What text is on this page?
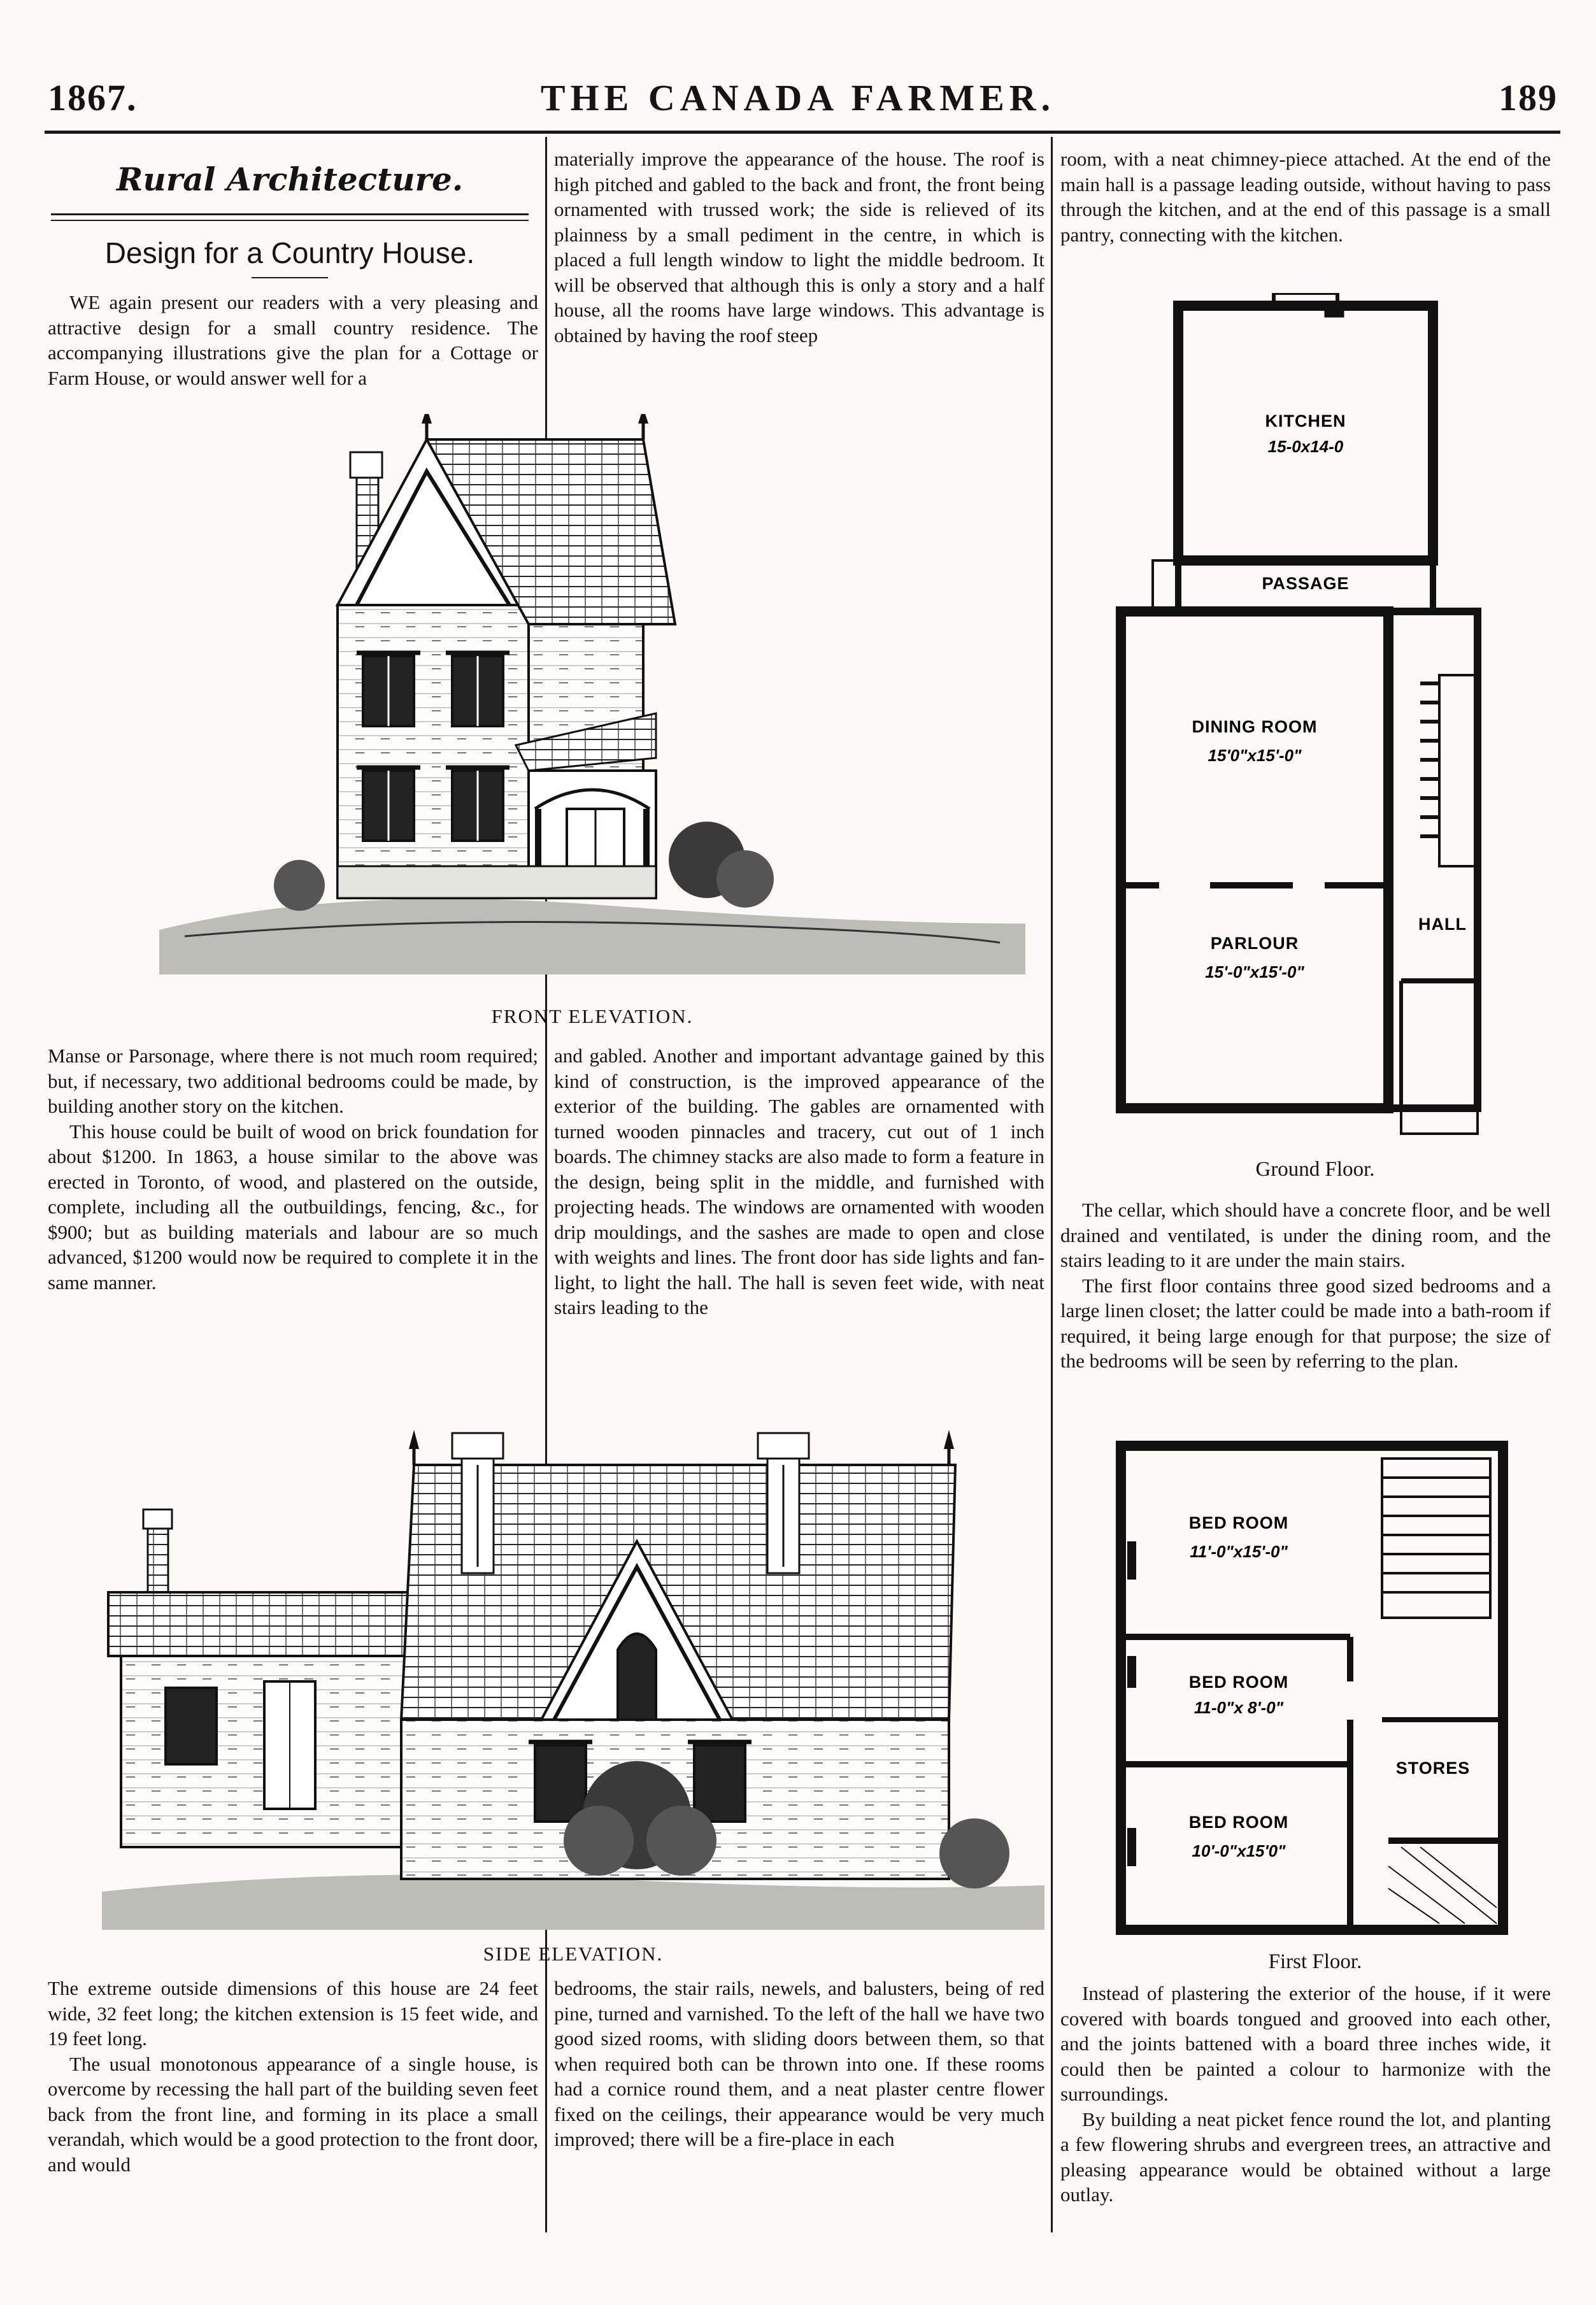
1867.	THE CANADA FARMER.	189
Rural Architecture.
Design for a Country House.

WE again present our readers with a very pleasing and attractive design for a small country residence. The accompanying illustrations give the plan for a Cottage or Farm House, or would answer well for a

materially improve the appearance of the house. The roof is high pitched and gabled to the back and front, the front being ornamented with trussed work; the side is relieved of its plainness by a small pediment in the centre, in which is placed a full length window to light the middle bedroom. It will be observed that although this is only a story and a half house, all the rooms have large windows. This advantage is obtained by having the roof steep

room, with a neat chimney-piece attached. At the end of the main hall is a passage leading outside, without having to pass through the kitchen, and at the end of this passage is a small pantry, connecting with the kitchen.

FRONT ELEVATION.

Manse or Parsonage, where there is not much room required; but, if necessary, two additional bedrooms could be made, by building another story on the kitchen.

This house could be built of wood on brick foundation for about $1200. In 1863, a house similar to the above was erected in Toronto, of wood, and plastered on the outside, complete, including all the outbuildings, fencing, &c., for $900; but as building materials and labour are so much advanced, $1200 would now be required to complete it in the same manner.

and gabled. Another and important advantage gained by this kind of construction, is the improved appearance of the exterior of the building. The gables are ornamented with turned wooden pinnacles and tracery, cut out of 1 inch boards. The chimney stacks are also made to form a feature in the design, being split in the middle, and furnished with projecting heads. The windows are ornamented with wooden drip mouldings, and the sashes are made to open and close with weights and lines. The front door has side lights and fan-light, to light the hall. The hall is seven feet wide, with neat stairs leading to the

SIDE ELEVATION.

The extreme outside dimensions of this house are 24 feet wide, 32 feet long; the kitchen extension is 15 feet wide, and 19 feet long.

The usual monotonous appearance of a single house, is overcome by recessing the hall part of the building seven feet back from the front line, and forming in its place a small verandah, which would be a good protection to the front door, and would

bedrooms, the stair rails, newels, and balusters, being of red pine, turned and varnished. To the left of the hall we have two good sized rooms, with sliding doors between them, so that when required both can be thrown into one. If these rooms had a cornice round them, and a neat plaster centre flower fixed on the ceilings, their appearance would be very much improved; there will be a fire-place in each

KITCHEN
15-0x14-0
PASSAGE
DINING ROOM
15'0"x15'-0"
HALL
PARLOUR
15'-0"x15'-0"
Ground Floor.

The cellar, which should have a concrete floor, and be well drained and ventilated, is under the dining room, and the stairs leading to it are under the main stairs.

The first floor contains three good sized bedrooms and a large linen closet; the latter could be made into a bath-room if required, it being large enough for that purpose; the size of the bedrooms will be seen by referring to the plan.

BED ROOM
11'-0"x15'-0"
BED ROOM
11-0"x 8'-0"
STORES
BED ROOM
10'-0"x15'0"
First Floor.

Instead of plastering the exterior of the house, if it were covered with boards tongued and grooved into each other, and the joints battened with a board three inches wide, it could then be painted a colour to harmonize with the surroundings.

By building a neat picket fence round the lot, and planting a few flowering shrubs and evergreen trees, an attractive and pleasing appearance would be obtained without a large outlay.
